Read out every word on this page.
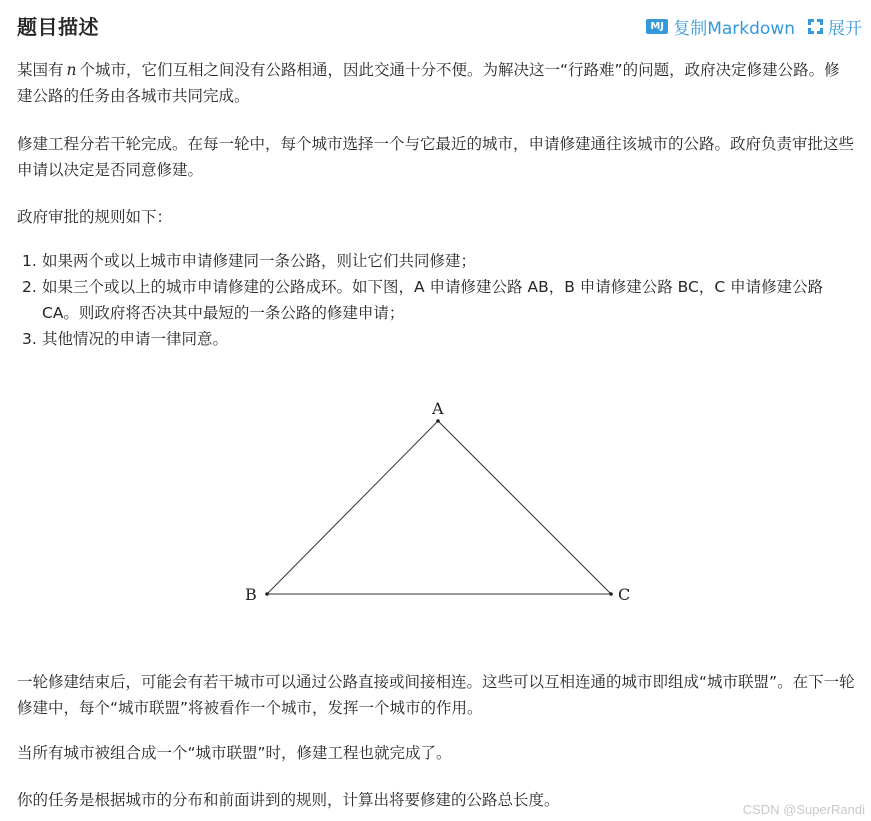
题目描述	MJ 复制Markdown 展开
某国有 n 个城市，它们互相之间没有公路相通，因此交通十分不便。为解决这一“行路难”的问题，政府决定修建公路。修建公路的任务由各城市共同完成。
修建工程分若干轮完成。在每一轮中，每个城市选择一个与它最近的城市，申请修建通往该城市的公路。政府负责审批这些申请以决定是否同意修建。
政府审批的规则如下：
1. 如果两个或以上城市申请修建同一条公路，则让它们共同修建；
2. 如果三个或以上的城市申请修建的公路成环。如下图，A 申请修建公路 AB，B 申请修建公路 BC，C 申请修建公路 CA。则政府将否决其中最短的一条公路的修建申请；
3. 其他情况的申请一律同意。
A
B	C
一轮修建结束后，可能会有若干城市可以通过公路直接或间接相连。这些可以互相连通的城市即组成“城市联盟”。在下一轮修建中，每个“城市联盟”将被看作一个城市，发挥一个城市的作用。
当所有城市被组合成一个“城市联盟”时，修建工程也就完成了。
你的任务是根据城市的分布和前面讲到的规则，计算出将要修建的公路总长度。
CSDN @SuperRandi
